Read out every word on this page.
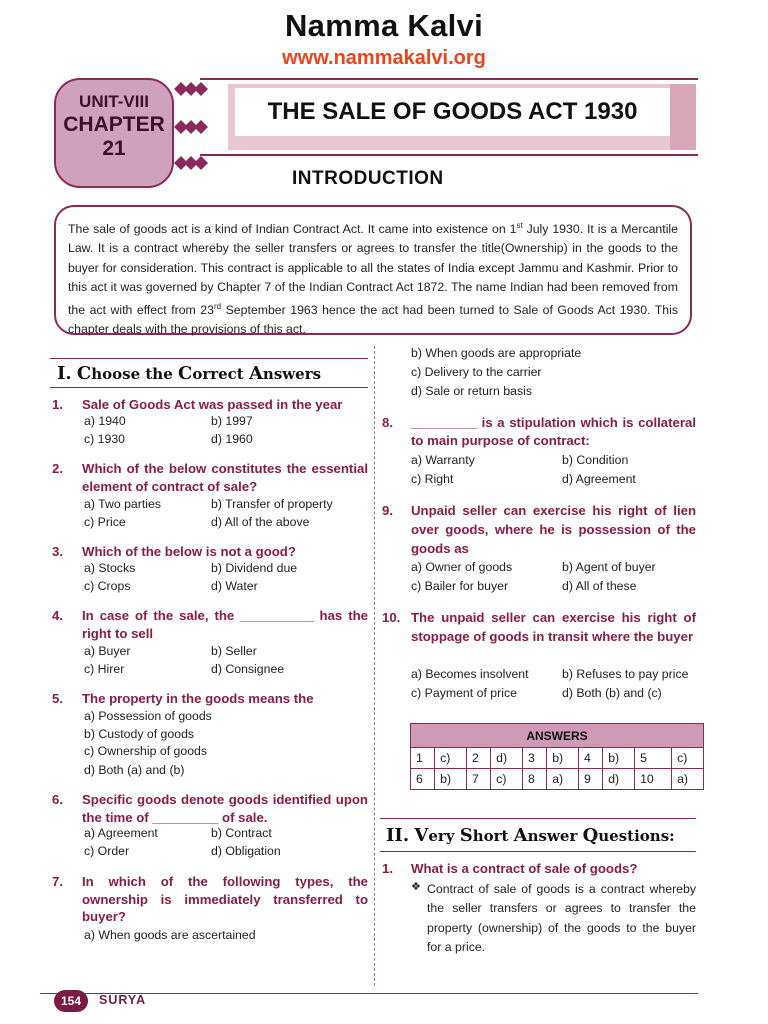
Namma Kalvi
www.nammakalvi.org
THE SALE OF GOODS ACT 1930
UNIT-VIII
CHAPTER
21
INTRODUCTION
The sale of goods act is a kind of Indian Contract Act. It came into existence on 1st July 1930. It is a Mercantile Law. It is a contract whereby the seller transfers or agrees to transfer the title(Ownership) in the goods to the buyer for consideration. This contract is applicable to all the states of India except Jammu and Kashmir. Prior to this act it was governed by Chapter 7 of the Indian Contract Act 1872. The name Indian had been removed from the act with effect from 23rd September 1963 hence the act had been turned to Sale of Goods Act 1930. This chapter deals with the provisions of this act.
I. Choose the Correct Answers
1. Sale of Goods Act was passed in the year
a) 1940	b) 1997
c) 1930	d) 1960
2. Which of the below constitutes the essential element of contract of sale?
a) Two parties	b) Transfer of property
c) Price	d) All of the above
3. Which of the below is not a good?
a) Stocks	b) Dividend due
c) Crops	d) Water
4. In case of the sale, the __________ has the right to sell
a) Buyer	b) Seller
c) Hirer	d) Consignee
5. The property in the goods means the
a) Possession of goods
b) Custody of goods
c) Ownership of goods
d) Both (a) and (b)
6. Specific goods denote goods identified upon the time of _________ of sale.
a) Agreement	b) Contract
c) Order	d) Obligation
7. In which of the following types, the ownership is immediately transferred to buyer?
a) When goods are ascertained
b) When goods are appropriate
c) Delivery to the carrier
d) Sale or return basis
8. _________ is a stipulation which is collateral to main purpose of contract:
a) Warranty	b) Condition
c) Right	d) Agreement
9. Unpaid seller can exercise his right of lien over goods, where he is possession of the goods as
a) Owner of goods	b) Agent of buyer
c) Bailer for buyer	d) All of these
10. The unpaid seller can exercise his right of stoppage of goods in transit where the buyer
a) Becomes insolvent	b) Refuses to pay price
c) Payment of price	d) Both (b) and (c)
ANSWERS									
1	c)	2	d)	3	b)	4	b)	5	c)
6	b)	7	c)	8	a)	9	d)	10	a)
II. Very Short Answer Questions:
1. What is a contract of sale of goods?
❖ Contract of sale of goods is a contract whereby the seller transfers or agrees to transfer the property (ownership) of the goods to the buyer for a price.
154	SURYA
